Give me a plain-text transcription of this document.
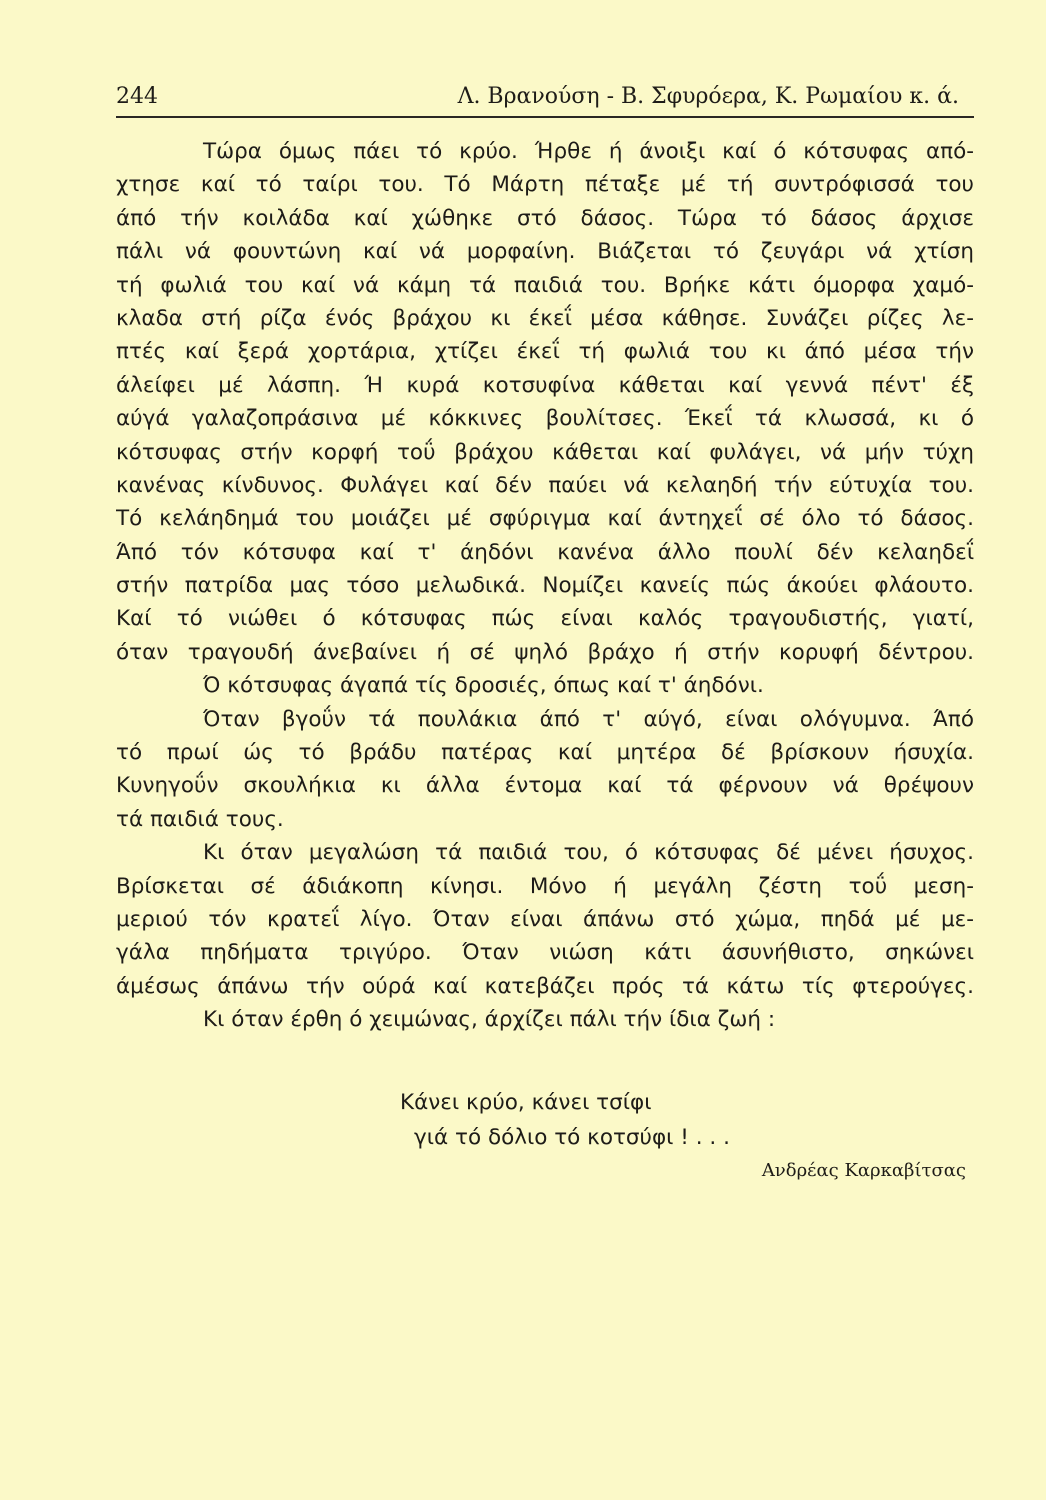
244	Λ. Βρανούση - Β. Σφυρόερα, Κ. Ρωμαίου κ. ά.
Τώρα όμως πάει τό κρύο. Ήρθε ή άνοιξι καί ό κότσυφας από-
χτησε καί τό ταίρι του. Τό Μάρτη πέταξε μέ τή συντρόφισσά του
άπό τήν κοιλάδα καί χώθηκε στό δάσος. Τώρα τό δάσος άρχισε
πάλι νά φουντώνη καί νά μορφαίνη. Βιάζεται τό ζευγάρι νά χτίση
τή φωλιά του καί νά κάμη τά παιδιά του. Βρήκε κάτι όμορφα χαμό-
κλαδα στή ρίζα ένός βράχου κι έκεΐ μέσα κάθησε. Συνάζει ρίζες λε-
πτές καί ξερά χορτάρια, χτίζει έκεΐ τή φωλιά του κι άπό μέσα τήν
άλείφει μέ λάσπη. Ή κυρά κοτσυφίνα κάθεται καί γεννά πέντ' έξ
αύγά γαλαζοπράσινα μέ κόκκινες βουλίτσες. Έκεΐ τά κλωσσά, κι ό
κότσυφας στήν κορφή τοΰ βράχου κάθεται καί φυλάγει, νά μήν τύχη
κανένας κίνδυνος. Φυλάγει καί δέν παύει νά κελαηδή τήν εύτυχία του.
Τό κελάηδημά του μοιάζει μέ σφύριγμα καί άντηχεΐ σέ όλο τό δάσος.
Άπό τόν κότσυφα καί τ' άηδόνι κανένα άλλο πουλί δέν κελαηδεΐ
στήν πατρίδα μας τόσο μελωδικά. Νομίζει κανείς πώς άκούει φλάουτο.
Καί τό νιώθει ό κότσυφας πώς είναι καλός τραγουδιστής, γιατί,
όταν τραγουδή άνεβαίνει ή σέ ψηλό βράχο ή στήν κορυφή δέντρου.
Ό κότσυφας άγαπά τίς δροσιές, όπως καί τ' άηδόνι.
Όταν βγοΰν τά πουλάκια άπό τ' αύγό, είναι ολόγυμνα. Άπό
τό πρωί ώς τό βράδυ πατέρας καί μητέρα δέ βρίσκουν ήσυχία.
Κυνηγοΰν σκουλήκια κι άλλα έντομα καί τά φέρνουν νά θρέψουν
τά παιδιά τους.
Κι όταν μεγαλώση τά παιδιά του, ό κότσυφας δέ μένει ήσυχος.
Βρίσκεται σέ άδιάκοπη κίνησι. Μόνο ή μεγάλη ζέστη τοΰ μεση-
μεριού τόν κρατεΐ λίγο. Όταν είναι άπάνω στό χώμα, πηδά μέ με-
γάλα πηδήματα τριγύρο. Όταν νιώση κάτι άσυνήθιστο, σηκώνει
άμέσως άπάνω τήν ούρά καί κατεβάζει πρός τά κάτω τίς φτερούγες.
Κι όταν έρθη ό χειμώνας, άρχίζει πάλι τήν ίδια ζωή :
Κάνει κρύο, κάνει τσίφι
γιά τό δόλιο τό κοτσύφι ! . . .
Ανδρέας Καρκαβίτσας
